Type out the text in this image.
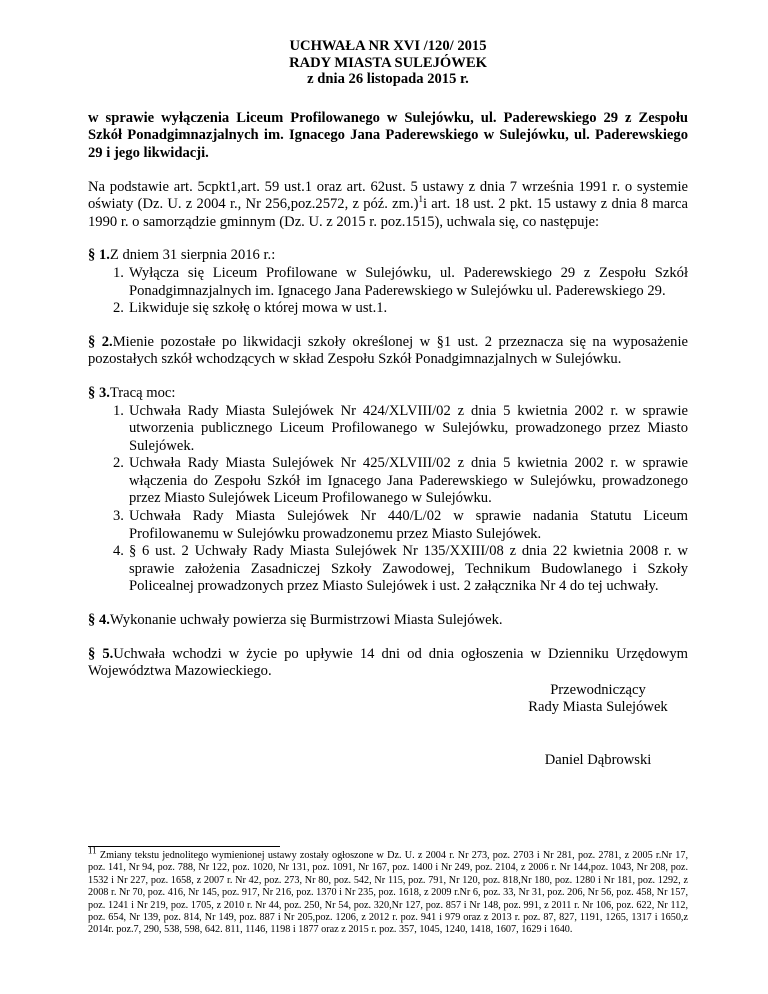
UCHWAŁA NR XVI /120/ 2015
RADY MIASTA SULEJÓWEK
z dnia 26 listopada 2015 r.
w sprawie wyłączenia Liceum Profilowanego w Sulejówku, ul. Paderewskiego 29 z Zespołu Szkół Ponadgimnazjalnych im. Ignacego Jana Paderewskiego w Sulejówku, ul. Paderewskiego 29 i jego likwidacji.
Na podstawie art. 5cpkt1,art. 59 ust.1 oraz art. 62ust. 5 ustawy z dnia 7 września 1991 r. o systemie oświaty (Dz. U. z 2004 r., Nr 256,poz.2572, z póź. zm.)$^1$i art. 18 ust. 2 pkt. 15 ustawy z dnia 8 marca 1990 r. o samorządzie gminnym (Dz. U. z 2015 r. poz.1515), uchwala się, co następuje:
§ 1.Z dniem 31 sierpnia 2016 r.:
1. Wyłącza się Liceum Profilowane w Sulejówku, ul. Paderewskiego 29 z Zespołu Szkół Ponadgimnazjalnych im. Ignacego Jana Paderewskiego w Sulejówku ul. Paderewskiego 29.
2. Likwiduje się szkołę o której mowa w ust.1.
§ 2.Mienie pozostałe po likwidacji szkoły określonej w §1 ust. 2 przeznacza się na wyposażenie pozostałych szkół wchodzących w skład Zespołu Szkół Ponadgimnazjalnych w Sulejówku.
§ 3.Tracą moc:
1. Uchwała Rady Miasta Sulejówek Nr 424/XLVIII/02 z dnia 5 kwietnia 2002 r. w sprawie utworzenia publicznego Liceum Profilowanego w Sulejówku, prowadzonego przez Miasto Sulejówek.
2. Uchwała Rady Miasta Sulejówek Nr 425/XLVIII/02 z dnia 5 kwietnia 2002 r. w sprawie włączenia do Zespołu Szkół im Ignacego Jana Paderewskiego w Sulejówku, prowadzonego przez Miasto Sulejówek Liceum Profilowanego w Sulejówku.
3. Uchwała Rady Miasta Sulejówek Nr 440/L/02 w sprawie nadania Statutu Liceum Profilowanemu w Sulejówku prowadzonemu przez Miasto Sulejówek.
4. § 6 ust. 2 Uchwały Rady Miasta Sulejówek Nr 135/XXIII/08 z dnia 22 kwietnia 2008 r. w sprawie założenia Zasadniczej Szkoły Zawodowej, Technikum Budowlanego i Szkoły Policealnej prowadzonych przez Miasto Sulejówek i ust. 2 załącznika Nr 4 do tej uchwały.
§ 4.Wykonanie uchwały powierza się Burmistrzowi Miasta Sulejówek.
§ 5.Uchwała wchodzi w życie po upływie 14 dni od dnia ogłoszenia w Dzienniku Urzędowym Województwa Mazowieckiego.
Przewodniczący
Rady Miasta Sulejówek
Daniel Dąbrowski
$^{11}$ Zmiany tekstu jednolitego wymienionej ustawy zostały ogłoszone w Dz. U. z 2004 r. Nr 273, poz. 2703 i Nr 281, poz. 2781, z 2005 r.Nr 17, poz. 141, Nr 94, poz. 788, Nr 122, poz. 1020, Nr 131, poz. 1091, Nr 167, poz. 1400 i Nr 249, poz. 2104, z 2006 r. Nr 144,poz. 1043, Nr 208, poz. 1532 i Nr 227, poz. 1658, z 2007 r. Nr 42, poz. 273, Nr 80, poz. 542, Nr 115, poz. 791, Nr 120, poz. 818,Nr 180, poz. 1280 i Nr 181, poz. 1292, z 2008 r. Nr 70, poz. 416, Nr 145, poz. 917, Nr 216, poz. 1370 i Nr 235, poz. 1618, z 2009 r.Nr 6, poz. 33, Nr 31, poz. 206, Nr 56, poz. 458, Nr 157, poz. 1241 i Nr 219, poz. 1705, z 2010 r. Nr 44, poz. 250, Nr 54, poz. 320,Nr 127, poz. 857 i Nr 148, poz. 991, z 2011 r. Nr 106, poz. 622, Nr 112, poz. 654, Nr 139, poz. 814, Nr 149, poz. 887 i Nr 205,poz. 1206, z 2012 r. poz. 941 i 979 oraz z 2013 r. poz. 87, 827, 1191, 1265, 1317 i 1650,z 2014r. poz.7, 290, 538, 598, 642. 811, 1146, 1198 i 1877 oraz z 2015 r. poz. 357, 1045, 1240, 1418, 1607, 1629 i 1640.
